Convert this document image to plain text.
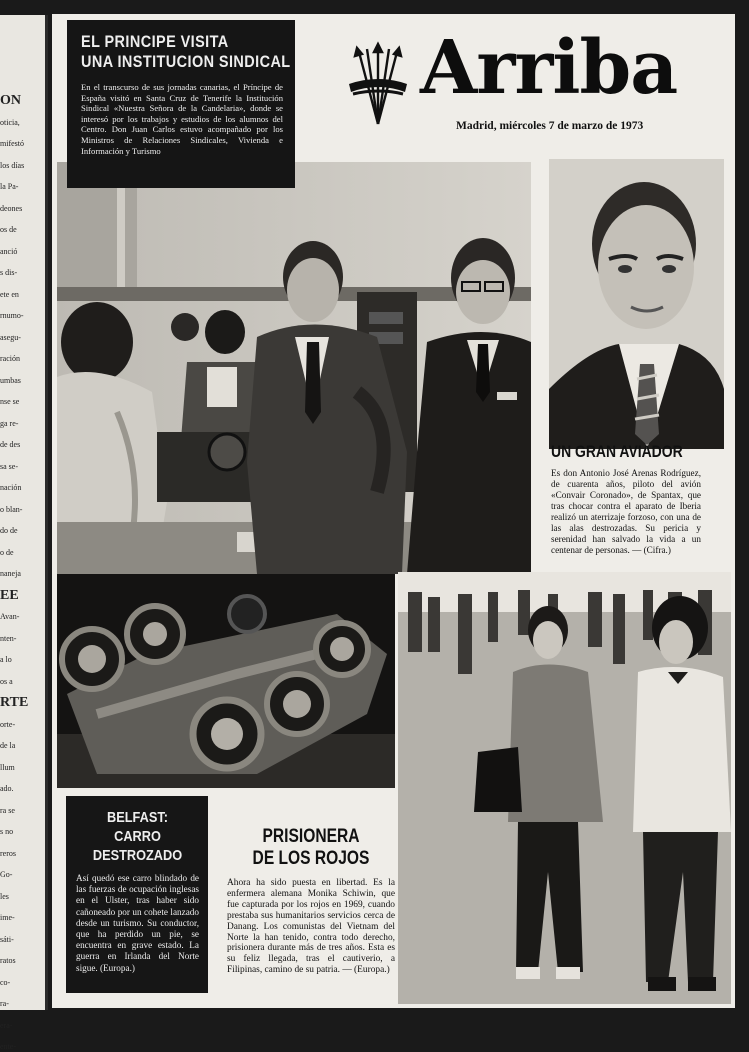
ON
oticia,
mifestó
los días
la Pa-
deones
os de
anció
s dis-
ete en
rnumo-
asegu-
ración
umbas
nse se
ga re-
de des
sa se-
nación
o blan-
do de
o de
naneja
EE
Avan-
nten-
a lo
os a
RTE
orte-
de la
llum
ado.
ra se
s no
reros
Go-
les
ime-
sáti-
ratos
co-
ra-
era-
ente-
EL PRINCIPE VISITA
UNA INSTITUCION SINDICAL

En el transcurso de sus jornadas canarias, el Príncipe de España visitó en Santa Cruz de Tenerife la Institución Sindical «Nuestra Señora de la Candelaria», donde se interesó por los trabajos y estudios de los alumnos del Centro. Don Juan Carlos estuvo acompañado por los Ministros de Relaciones Sindicales, Vivienda e Información y Turismo

Arriba
Madrid, miércoles 7 de marzo de 1973
UN GRAN AVIADOR

Es don Antonio José Arenas Rodríguez, de cuarenta años, piloto del avión «Convair Coronado», de Spantax, que tras chocar contra el aparato de Iberia realizó un aterrizaje forzoso, con una de las alas destrozadas. Su pericia y serenidad han salvado la vida a un centenar de personas. — (Cifra.)

BELFAST: CARRO
DESTROZADO

Así quedó ese carro blindado de las fuerzas de ocupación inglesas en el Ulster, tras haber sido cañoneado por un cohete lanzado desde un turismo. Su conductor, que ha perdido un pie, se encuentra en grave estado. La guerra en Irlanda del Norte sigue. (Europa.)

PRISIONERA
DE LOS ROJOS

Ahora ha sido puesta en libertad. Es la enfermera alemana Monika Schiwin, que fue capturada por los rojos en 1969, cuando prestaba sus humanitarios servicios cerca de Danang. Los comunistas del Vietnam del Norte la han tenido, contra todo derecho, prisionera durante más de tres años. Esta es su feliz llegada, tras el cautiverio, a Filipinas, camino de su patria. — (Europa.)
